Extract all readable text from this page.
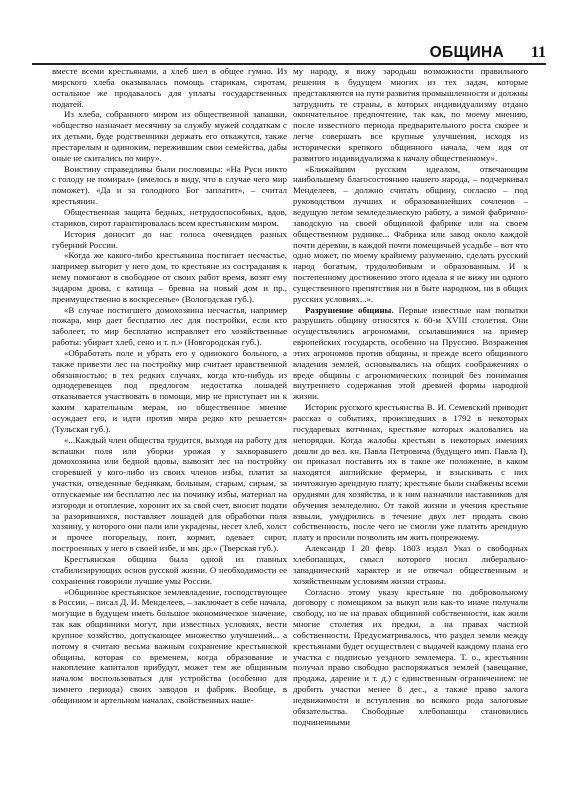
ОБЩИНА 11

вместе всеми крестьянами, а хлеб шел в общее гумно. Из мирского хлеба оказывалась помощь старикам, сиротам, остальное же продавалось для уплаты государственных податей.

Из хлеба, собранного миром из общественной запашки, «общество назначает месячину за службу мужей солдаткам с их детьми, буде родственники держать его откажутся, также престарелым и одиноким, пережившим свои семейства, дабы оные не скитались по миру».

Воистину справедливы были пословицы: «На Руси никто с голоду не помирал» (имелось в виду, что в случае чего мир поможет). «Да и за голодного Бог заплатит», – считал крестьянин.

Общественная защита бедных, нетрудоспособных, вдов, стариков, сирот гарантировалась всем крестьянским миром.

История доносит до нас голоса очевидцев разных губерний России.

«Когда же какого-либо крестьянина постигает несчастье, например выгорит у него дом, то крестьяне из сострадания к нему помогают в свободное от своих работ время, возят ему задаром дрова, с катища – бревна на новый дом и пр., преимущественно в воскресенье» (Вологодская губ.).

«В случае постигшего домохозяина несчастья, например пожара, мир дает бесплатно лес для постройки, если кто заболеет, то мир бесплатно исправляет его хозяйственные работы: убирает хлеб, сено и т. п.» (Новгородская губ.).

«Обработать поле и убрать его у одинокого больного, а также привезти лес на постройку мир считает нравственной обязанностью; в тех редких случаях, когда кто-нибудь из однодеревенцев под предлогом недостатка лошадей отказывается участвовать в помощи, мир не приступает ни к каким карательным мерам, но общественное мнение осуждает его, и идти против мира редко кто решается» (Тульская губ.).

«...Каждый член общества трудится, выходя на работу для вспашки поля или уборки урожая у захворавшего домохозяина или бедной вдовы, вывозит лес на постройку сгоревшей у кого-либо из своих членов избы, платит за участки, отведенные беднякам, больным, старым, сирым, за отпускаемые им бесплатно лес на починку избы, материал на изгороди и отопление, хоронит их за свой счет, вносит подати за разорившихся, поставляет лошадей для обработки поля хозяину, у которого они пали или украдены, несет хлеб, холст и прочее погорельцу, поит, кормит, одевает сирот, построенных у него в своей избе, и мн. др.» (Тверская губ.).

Крестьянская община была одной из главных стабилизирующих основ русской жизни. О необходимости ее сохранения говорили лучшие умы России.

«Общинное крестьянское землевладение, господствующее в России, – писал Д. И. Менделеев, – заключает в себе начала, могущие в будущем иметь большое экономическое значение, так как общинники могут, при известных условиях, вести крупное хозяйство, допускающее множество улучшений... а потому я считаю весьма важным сохранение крестьянской общины, которая со временем, когда образование и накопление капиталов прибудут, может тем же общинным началом воспользоваться для устройства (особенно для зимнего периода) своих заводов и фабрик. Вообще, в общинном и артельном началах, свойственных наше-

му народу, я вижу зародыш возможности правильного решения в будущем многих из тех задач, которые представляются на пути развития промышленности и должны затруднить те страны, в которых индивидуализму отдано окончательное предпочтение, так как, по моему мнению, после известного периода предварительного роста скорее и легче совершать все крупные улучшения, исходя из исторически крепкого общинного начала, чем идя от развитого индивидуализма к началу общественному».

«Ближайшим русским идеалом, отвечающим наибольшему благосостоянию нашего народа, – подчеркивал Менделеев, – должно считать общину, согласно – под руководством лучших и образованнейших сочленов – ведущую летом земледельческую работу, а зимой фабрично-заводскую на своей общинной фабрике или на своем общественном руднике... Фабрика или завод около каждой почти деревни, в каждой почти помещичьей усадьбе – вот что одно может, по моему крайнему разумению, сделать русский народ богатым, трудолюбивым и образованным. И к постепенному достижению этого идеала я не вижу ни одного существенного препятствия ни в быте народном, ни в общих русских условиях...».

Разрушение общины. Первые известные нам попытки разрушить общину относятся к 60-м XVIII столетия. Они осуществлялись агрономами, ссылавшимися на пример европейских государств, особенно на Пруссию. Возражения этих агрономов против общины, и прежде всего общинного владения землей, основывались на общих соображениях о вреде общины с агрономических позиций без понимания внутреннего содержания этой древней формы народной жизни.

Историк русского крестьянства В. И. Семевский приводит рассказ о событиях, происшедших в 1792 в некоторых государевых вотчинах, крестьяне которых жаловались на непорядки. Когда жалобы крестьян в некоторых имениях дошли до вел. кн. Павла Петровича (будущего имп. Павла I), он приказал поставить их в такое же положение, в каком находятся английские фермеры, и взыскивать с них ничтожную арендную плату; крестьяне были снабжены всеми орудиями для хозяйства, и к ним назначили наставников для обучения земледелию. От такой жизни и учения крестьяне взвыли, умудрились в течение двух лет продать свою собственность, после чего не смогли уже платить арендную плату и просили позволить им жить попрежнему.

Александр I 20 февр. 1803 издал Указ о свободных хлебопашцах, смысл которого носил либерально-западнический характер и не отвечал общественным и хозяйственным условиям жизни страны.

Согласно этому указу крестьяне по добровольному договору с помещиком за выкуп или как-то иначе получали свободу, но не на правах общинной собственности, как жили многие столетия их предки, а на правах частной собственности. Предусматривалось, что раздел земли между крестьянами будет осуществлен с выдачей каждому плана его участка с подписью уездного землемера. Т. о., крестьянин получал право свободно распоряжаться землей (завещание, продажа, дарение и т. д.) с единственным ограничением: не дробить участки менее 8 дес., а также право залога недвижимости и вступления во всякого рода залоговые обязательства. Свободные хлебопашцы становились подчиненными
